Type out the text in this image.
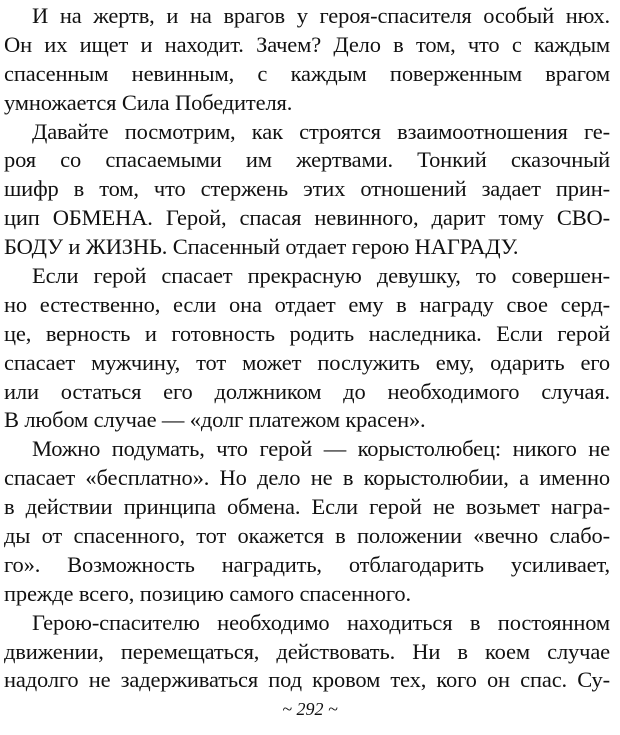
И на жертв, и на врагов у героя-спасителя особый нюх.
Он их ищет и находит. Зачем? Дело в том, что с каждым
спасенным невинным, с каждым поверженным врагом
умножается Сила Победителя.
Давайте посмотрим, как строятся взаимоотношения ге-
роя со спасаемыми им жертвами. Тонкий сказочный
шифр в том, что стержень этих отношений задает прин-
цип ОБМЕНА. Герой, спасая невинного, дарит тому СВО-
БОДУ и ЖИЗНЬ. Спасенный отдает герою НАГРАДУ.
Если герой спасает прекрасную девушку, то совершен-
но естественно, если она отдает ему в награду свое серд-
це, верность и готовность родить наследника. Если герой
спасает мужчину, тот может послужить ему, одарить его
или остаться его должником до необходимого случая.
В любом случае — «долг платежом красен».
Можно подумать, что герой — корыстолюбец: никого не
спасает «бесплатно». Но дело не в корыстолюбии, а именно
в действии принципа обмена. Если герой не возьмет награ-
ды от спасенного, тот окажется в положении «вечно слабо-
го». Возможность наградить, отблагодарить усиливает,
прежде всего, позицию самого спасенного.
Герою-спасителю необходимо находиться в постоянном
движении, перемещаться, действовать. Ни в коем случае
надолго не задерживаться под кровом тех, кого он спас. Су-
~ 292 ~
